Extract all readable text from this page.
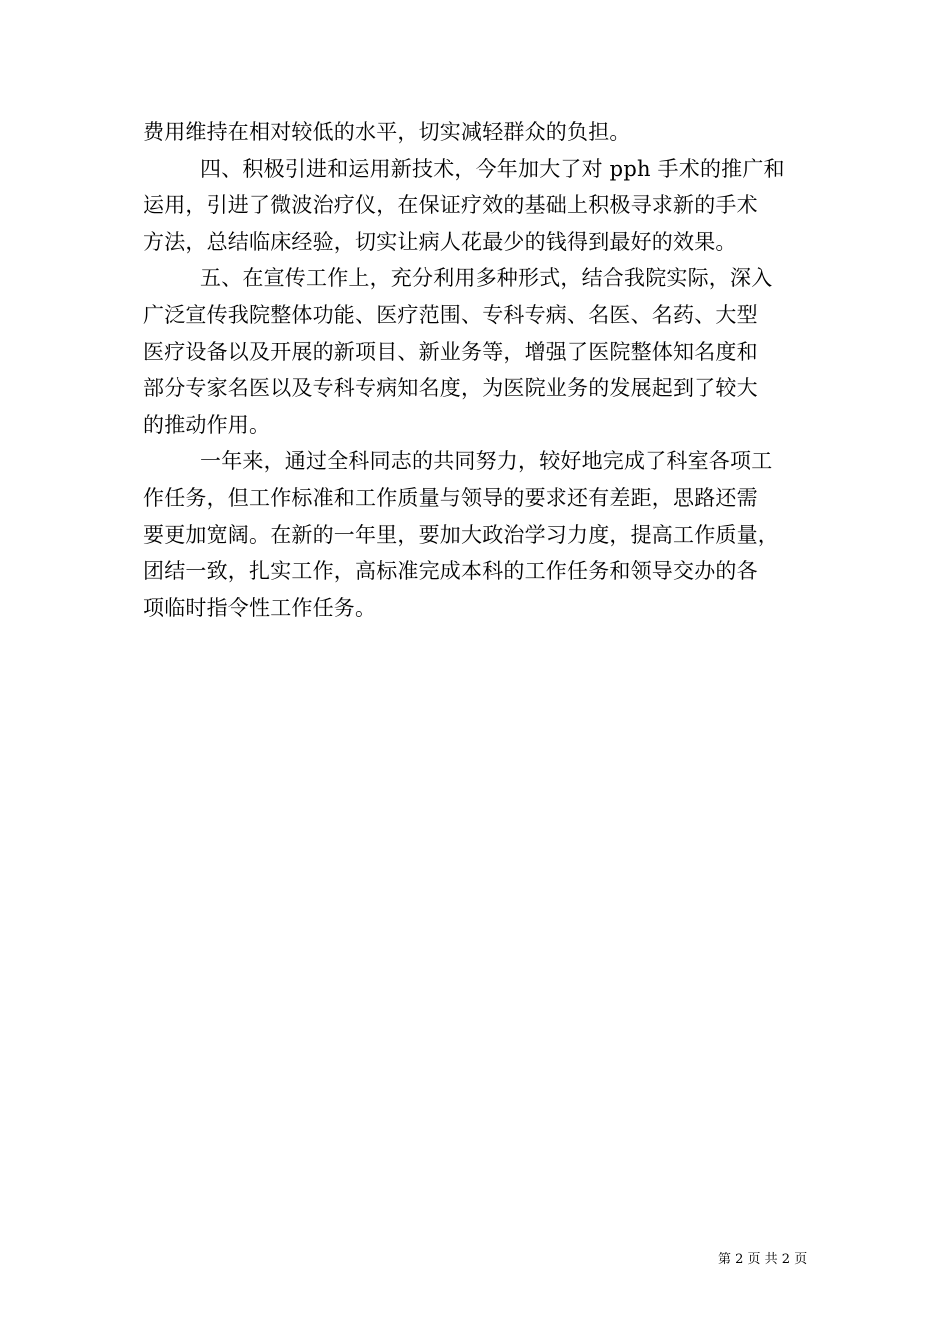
费用维持在相对较低的水平，切实减轻群众的负担。

四、积极引进和运用新技术，今年加大了对 pph 手术的推广和
运用，引进了微波治疗仪，在保证疗效的基础上积极寻求新的手术
方法，总结临床经验，切实让病人花最少的钱得到最好的效果。

五、在宣传工作上，充分利用多种形式，结合我院实际，深入
广泛宣传我院整体功能、医疗范围、专科专病、名医、名药、大型
医疗设备以及开展的新项目、新业务等，增强了医院整体知名度和
部分专家名医以及专科专病知名度，为医院业务的发展起到了较大
的推动作用。

一年来，通过全科同志的共同努力，较好地完成了科室各项工
作任务，但工作标准和工作质量与领导的要求还有差距，思路还需
要更加宽阔。在新的一年里，要加大政治学习力度，提高工作质量，
团结一致，扎实工作，高标准完成本科的工作任务和领导交办的各
项临时指令性工作任务。

第 2 页 共 2 页
